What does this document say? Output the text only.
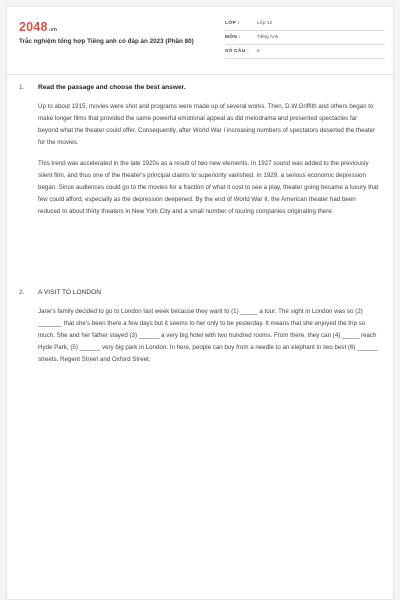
2048.vn
Trắc nghiệm tổng hợp Tiếng anh có đáp án 2023 (Phần 80)
LỚP :	Lớp 12
MÔN :	Tiếng Anh
SỐ CÂU :	2
1.	Read the passage and choose the best answer.

Up to about 1915, movies were shot and programs were made up of several works. Then, D.W.Griffith and others began to make longer films that provided the same powerful emotional appeal as did melodrama and presented spectacles far beyond what the theater could offer. Consequently, after World War I increasing numbers of spectators deserted the theater for the movies.

This trend was accelerated in the late 1920s as a result of two new elements. In 1927 sound was added to the previously silent film, and thus one of the theater's principal claims to superiority vanished. In 1929, a serious economic depression began. Since audiences could go to the movies for a fraction of what it cost to see a play, theater going became a luxury that few could afford, especially as the depression deepened. By the end of World War II, the American theater had been reduced to about thirty theaters in New York City and a small number of touring companies originating there.

2.	A VISIT TO LONDON

Jane's family decided to go to London last week because they want to (1) _____ a tour. The sight in London was so (2) _______ that she's been there a few days but it seems to her only to be yesterday. It means that she enjoyed the trip so much. She and her father stayed (3) ______ a very big hotel with two hundred rooms. From there, they can (4) _____ reach Hyde Park, (5) ______ very big park in London. In here, people can buy from a needle to an elephant in two best (6) ______ streets, Regent Street and Oxford Street.
